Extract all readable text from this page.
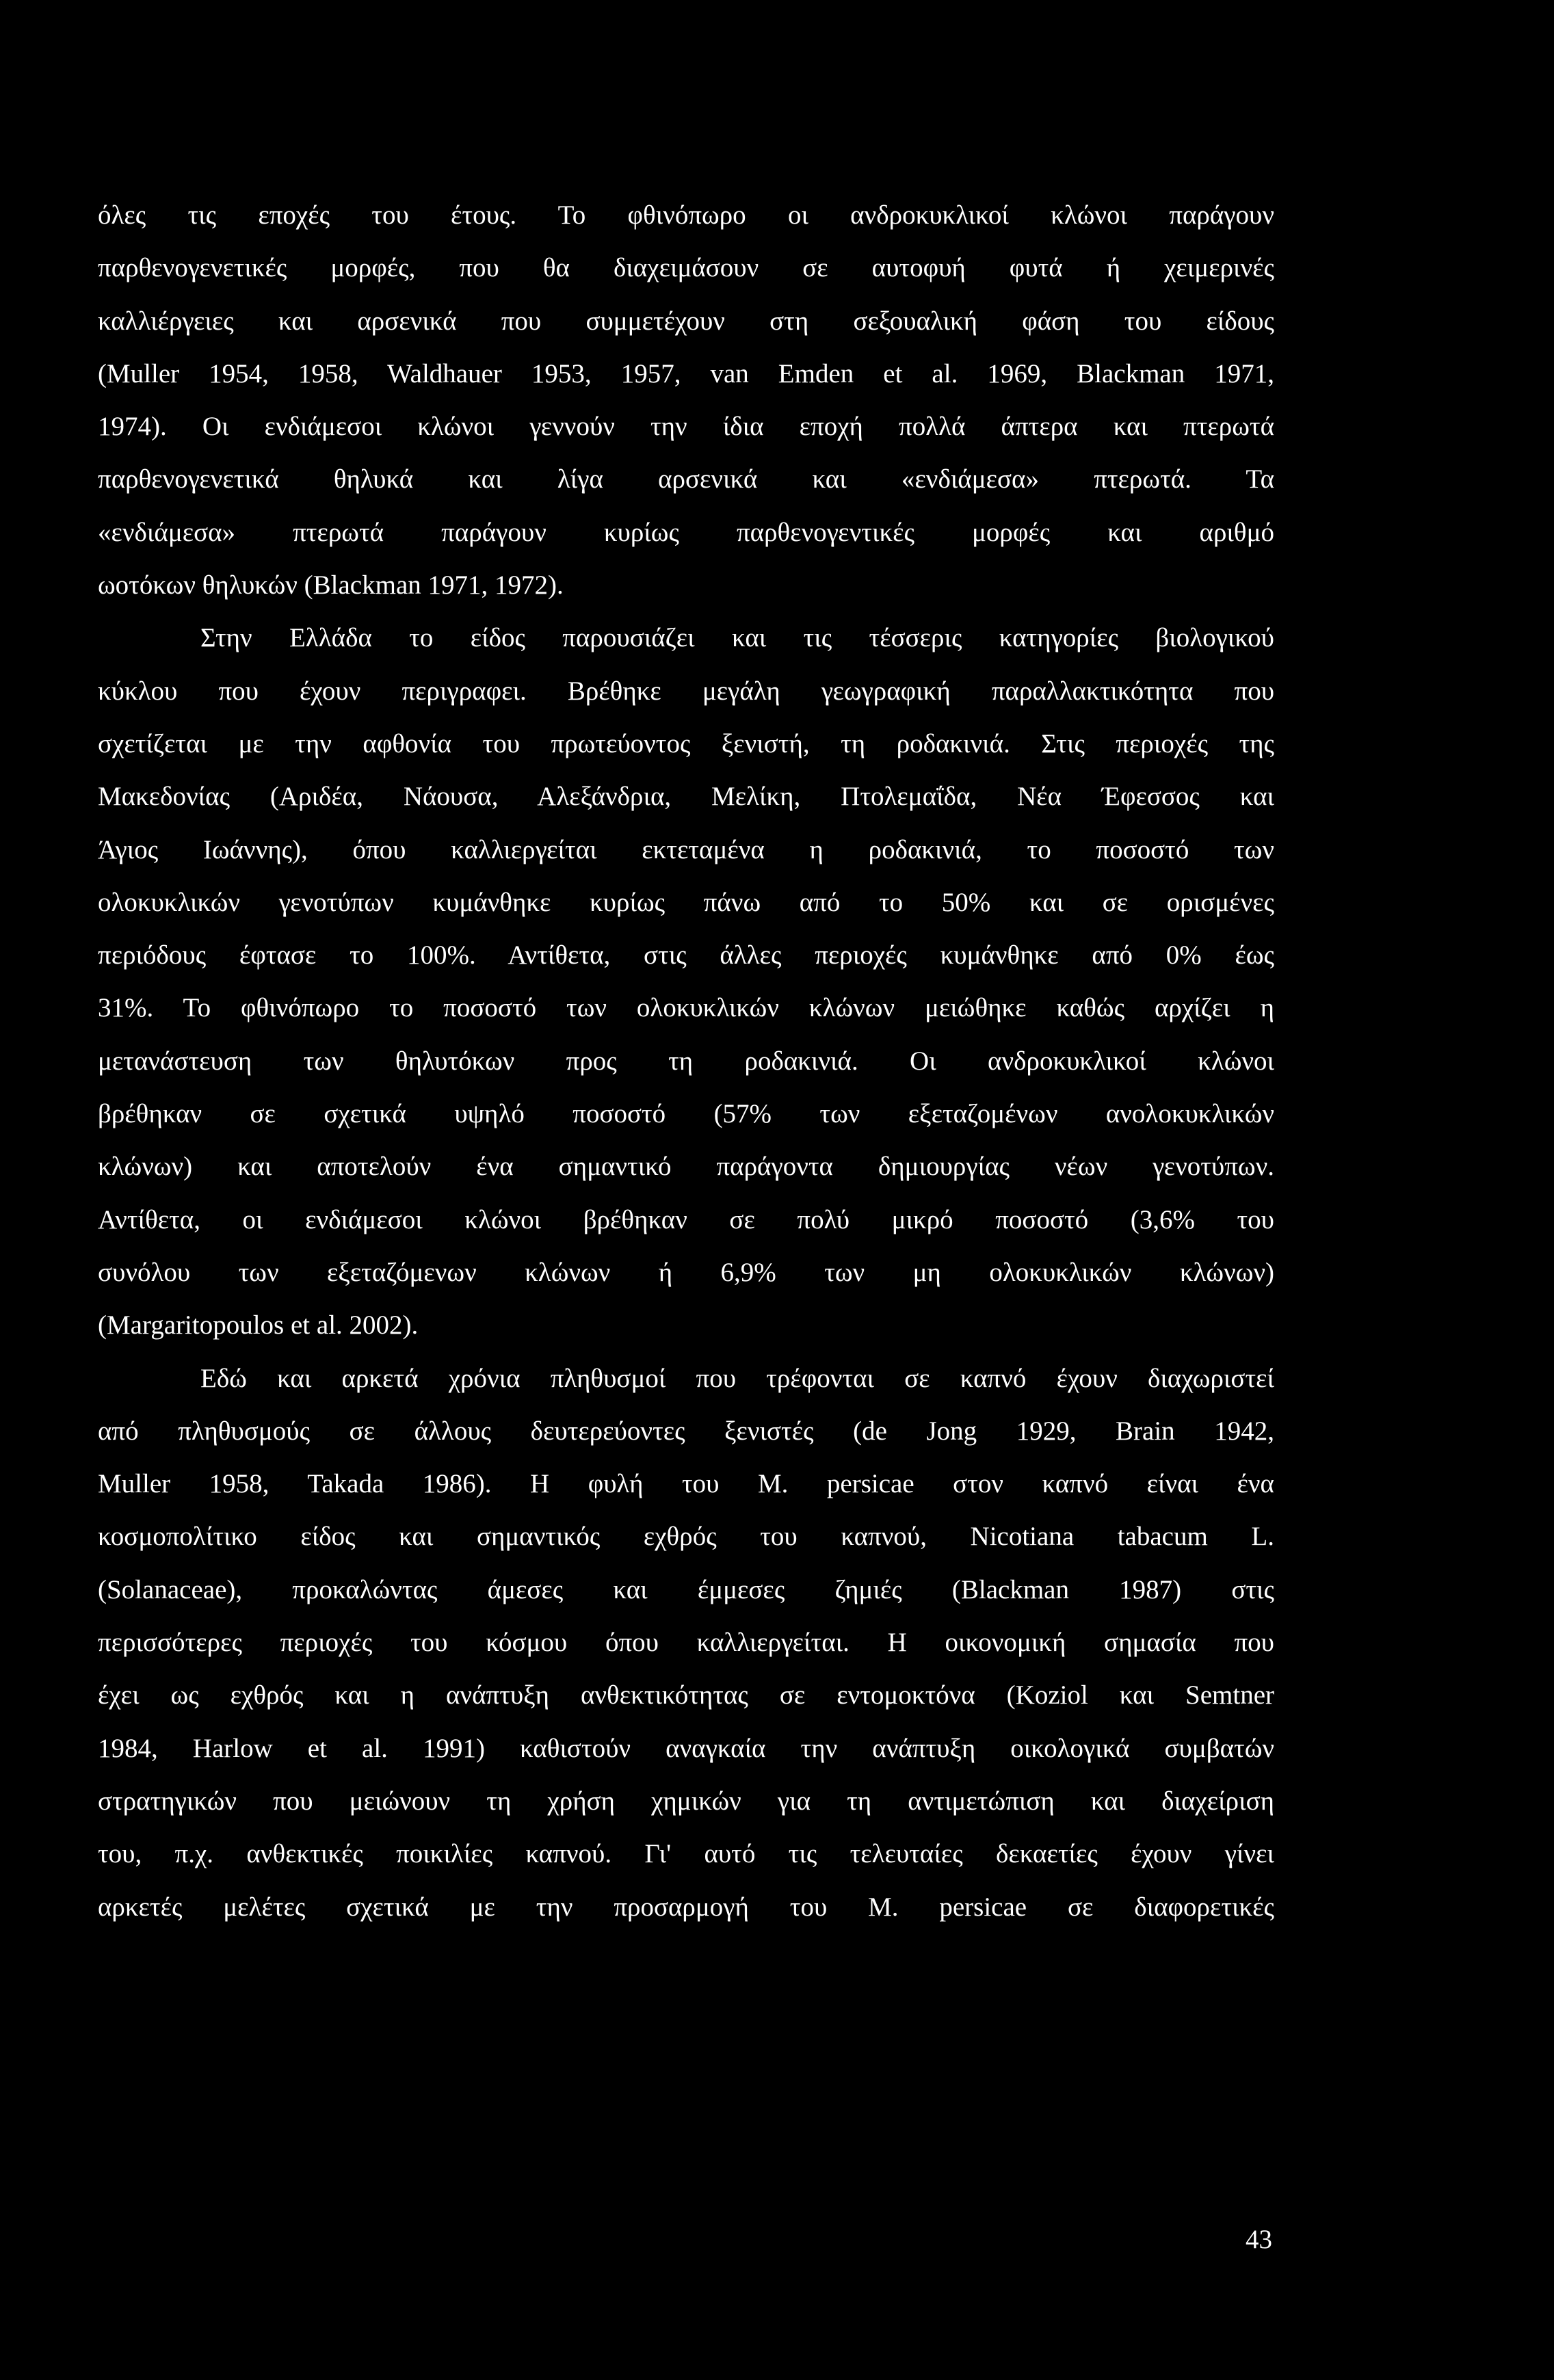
όλες τις εποχές του έτους. Το φθινόπωρο οι ανδροκυκλικοί κλώνοι παράγουν
παρθενογενετικές μορφές, που θα διαχειμάσουν σε αυτοφυή φυτά ή χειμερινές
καλλιέργειες και αρσενικά που συμμετέχουν στη σεξουαλική φάση του είδους
(Muller 1954, 1958, Waldhauer 1953, 1957, van Emden et al. 1969, Blackman 1971,
1974). Οι ενδιάμεσοι κλώνοι γεννούν την ίδια εποχή πολλά άπτερα και πτερωτά
παρθενογενετικά θηλυκά και λίγα αρσενικά και «ενδιάμεσα» πτερωτά. Τα
«ενδιάμεσα» πτερωτά παράγουν κυρίως παρθενογεντικές μορφές και αριθμό
ωοτόκων θηλυκών (Blackman 1971, 1972).
Στην Ελλάδα το είδος παρουσιάζει και τις τέσσερις κατηγορίες βιολογικού
κύκλου που έχουν περιγραφει. Βρέθηκε μεγάλη γεωγραφική παραλλακτικότητα που
σχετίζεται με την αφθονία του πρωτεύοντος ξενιστή, τη ροδακινιά. Στις περιοχές της
Μακεδονίας (Αριδέα, Νάουσα, Αλεξάνδρια, Μελίκη, Πτολεμαΐδα, Νέα Έφεσσος και
Άγιος Ιωάννης), όπου καλλιεργείται εκτεταμένα η ροδακινιά, το ποσοστό των
ολοκυκλικών γενοτύπων κυμάνθηκε κυρίως πάνω από το 50% και σε ορισμένες
περιόδους έφτασε το 100%. Αντίθετα, στις άλλες περιοχές κυμάνθηκε από 0% έως
31%. Το φθινόπωρο το ποσοστό των ολοκυκλικών κλώνων μειώθηκε καθώς αρχίζει η
μετανάστευση των θηλυτόκων προς τη ροδακινιά. Οι ανδροκυκλικοί κλώνοι
βρέθηκαν σε σχετικά υψηλό ποσοστό (57% των εξεταζομένων ανολοκυκλικών
κλώνων) και αποτελούν ένα σημαντικό παράγοντα δημιουργίας νέων γενοτύπων.
Αντίθετα, οι ενδιάμεσοι κλώνοι βρέθηκαν σε πολύ μικρό ποσοστό (3,6% του
συνόλου των εξεταζόμενων κλώνων ή 6,9% των μη ολοκυκλικών κλώνων)
(Margaritopoulos et al. 2002).
Εδώ και αρκετά χρόνια πληθυσμοί που τρέφονται σε καπνό έχουν διαχωριστεί
από πληθυσμούς σε άλλους δευτερεύοντες ξενιστές (de Jong 1929, Brain 1942,
Muller 1958, Takada 1986). Η φυλή του M. persicae στον καπνό είναι ένα
κοσμοπολίτικο είδος και σημαντικός εχθρός του καπνού, Nicotiana tabacum L.
(Solanaceae), προκαλώντας άμεσες και έμμεσες ζημιές (Blackman 1987) στις
περισσότερες περιοχές του κόσμου όπου καλλιεργείται. Η οικονομική σημασία που
έχει ως εχθρός και η ανάπτυξη ανθεκτικότητας σε εντομοκτόνα (Koziol και Semtner
1984, Harlow et al. 1991) καθιστούν αναγκαία την ανάπτυξη οικολογικά συμβατών
στρατηγικών που μειώνουν τη χρήση χημικών για τη αντιμετώπιση και διαχείριση
του, π.χ. ανθεκτικές ποικιλίες καπνού. Γι' αυτό τις τελευταίες δεκαετίες έχουν γίνει
αρκετές μελέτες σχετικά με την προσαρμογή του M. persicae σε διαφορετικές
43
